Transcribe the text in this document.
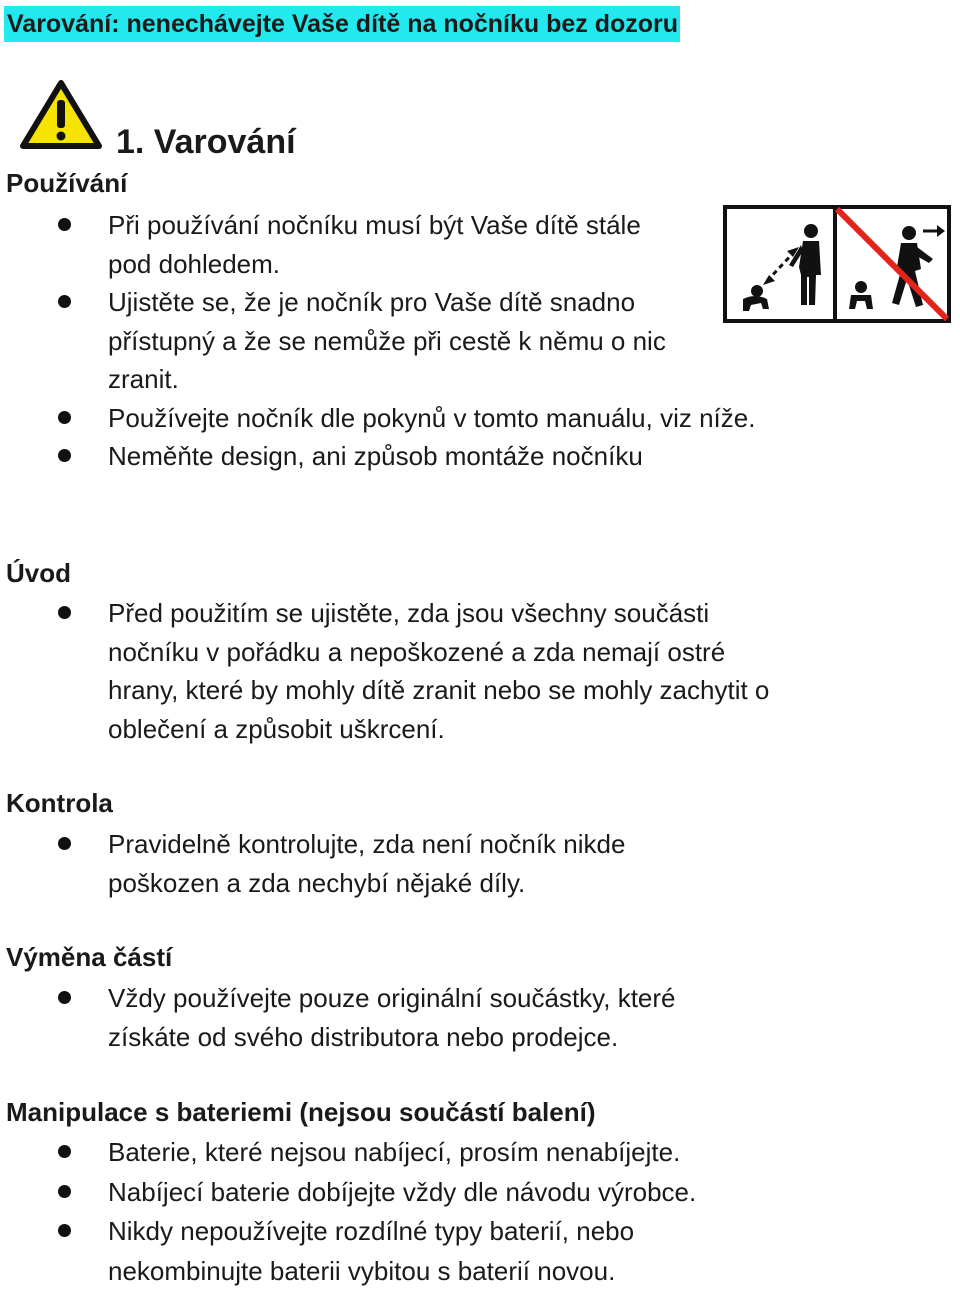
Varování: nenechávejte Vaše dítě na nočníku bez dozoru
1. Varování
Používání
Při používání nočníku musí být Vaše dítě stále pod dohledem.
Ujistěte se, že je nočník pro Vaše dítě snadno přístupný a že se nemůže při cestě k němu o nic zranit.
Používejte nočník dle pokynů v tomto manuálu, viz níže.
Neměňte design, ani způsob montáže nočníku
Úvod
Před použitím se ujistěte, zda jsou všechny součásti nočníku v pořádku a nepoškozené a zda nemají ostré hrany, které by mohly dítě zranit nebo se mohly zachytit o oblečení a způsobit uškrcení.
Kontrola
Pravidelně kontrolujte, zda není nočník nikde poškozen a zda nechybí nějaké díly.
Výměna částí
Vždy používejte pouze originální součástky, které získáte od svého distributora nebo prodejce.
Manipulace s bateriemi (nejsou součástí balení)
Baterie, které nejsou nabíjecí, prosím nenabíjejte.
Nabíjecí baterie dobíjejte vždy dle návodu výrobce.
Nikdy nepoužívejte rozdílné typy baterií, nebo nekombinujte baterii vybitou s baterií novou.
